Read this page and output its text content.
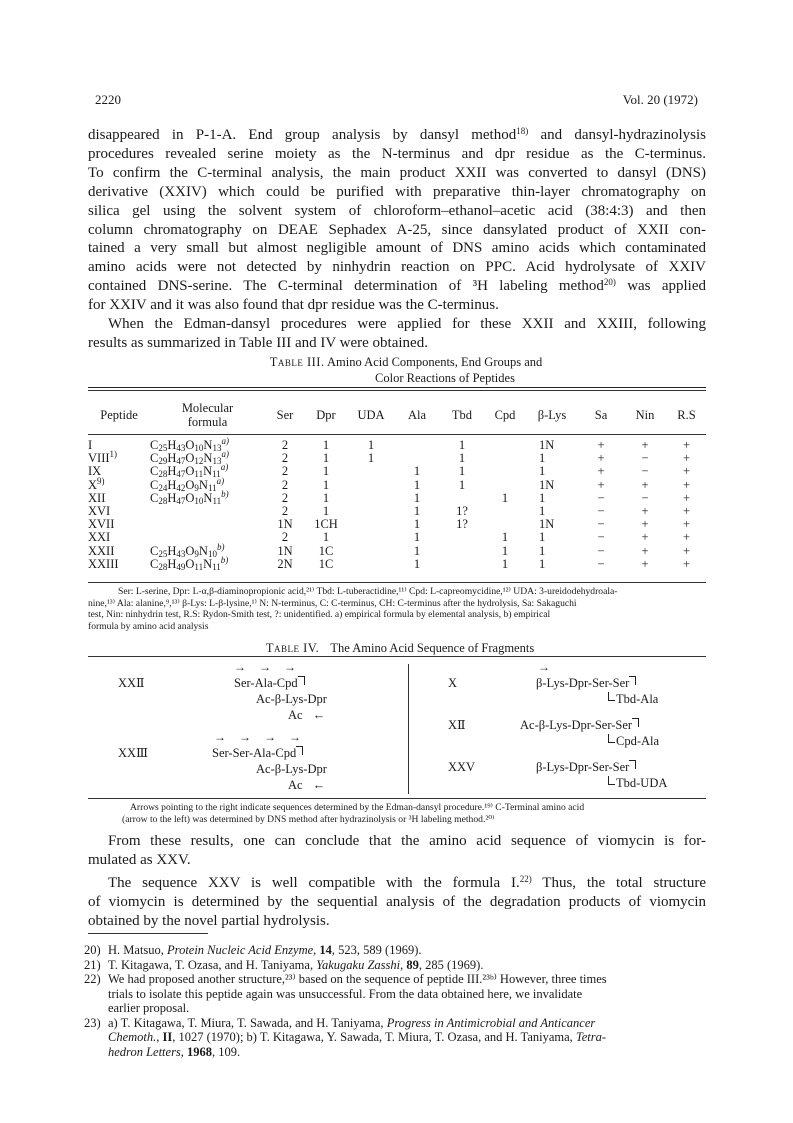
2220	Vol. 20 (1972)
disappeared in P-1-A. End group analysis by dansyl method$^{18)}$ and dansyl-hydrazinolysis
procedures revealed serine moiety as the N-terminus and dpr residue as the C-terminus.
To confirm the C-terminal analysis, the main product XXII was converted to dansyl (DNS)
derivative (XXIV) which could be purified with preparative thin-layer chromatography on
silica gel using the solvent system of chloroform–ethanol–acetic acid (38:4:3) and then
column chromatography on DEAE Sephadex A-25, since dansylated product of XXII con-
tained a very small but almost negligible amount of DNS amino acids which contaminated
amino acids were not detected by ninhydrin reaction on PPC. Acid hydrolysate of XXIV
contained DNS-serine. The C-terminal determination of ³H labeling method$^{20)}$ was applied
for XXIV and it was also found that dpr residue was the C-terminus.
When the Edman-dansyl procedures were applied for these XXII and XXIII, following
results as summarized in Table III and IV were obtained.
Table III. Amino Acid Components, End Groups and
Color Reactions of Peptides
Peptide	Molecular
formula	Ser	Dpr	UDA	Ala	Tbd	Cpd	β-Lys	Sa	Nin	R.S
I	$C_{25}H_{43}O_{10}N_{13}^{a)}$	2	1	1		1		1N	+	+	+
$VIII^{1)}$	$C_{29}H_{47}O_{12}N_{13}^{a)}$	2	1	1		1		1	+	−	+
IX	$C_{28}H_{47}O_{11}N_{11}^{a)}$	2	1		1	1		1	+	−	+
$X^{9)}$	$C_{24}H_{42}O_9N_{11}^{a)}$	2	1		1	1		1N	+	+	+
XII	$C_{28}H_{47}O_{10}N_{11}^{b)}$	2	1		1		1	1	−	−	+
XVI		2	1		1	1?		1	−	+	+
XVII		1N	1CH		1	1?		1N	−	+	+
XXI		2	1		1		1	1	−	+	+
XXII	$C_{25}H_{43}O_9N_{10}^{b)}$	1N	1C		1		1	1	−	+	+
XXIII	$C_{28}H_{49}O_{11}N_{11}^{b)}$	2N	1C		1		1	1	−	+	+
Ser: L-serine, Dpr: L-α,β-diaminopropionic acid,²¹⁾ Tbd: L-tuberactidine,¹¹⁾ Cpd: L-capreomycidine,¹²⁾ UDA: 3-ureidodehydroala-
nine,¹³⁾ Ala: alanine,⁹,¹³⁾ β-Lys: L-β-lysine,¹⁾ N: N-terminus, C: C-terminus, CH: C-terminus after the hydrolysis, Sa: Sakaguchi
test, Nin: ninhydrin test, R.S: Rydon-Smith test, ?: unidentified. a) empirical formula by elemental analysis, b) empirical
formula by amino acid analysis
Table IV. The Amino Acid Sequence of Fragments
→ → →
XXⅡ	Ser-Ala-Cpd
Ac-β-Lys-Dpr
Ac ←
→ → → →
XXⅢ	Ser-Ser-Ala-Cpd
Ac-β-Lys-Dpr
Ac ←
→
X	β-Lys-Dpr-Ser-Ser
Tbd-Ala
XⅡ	Ac-β-Lys-Dpr-Ser-Ser
Cpd-Ala
XXV	β-Lys-Dpr-Ser-Ser
Tbd-UDA
Arrows pointing to the right indicate sequences determined by the Edman-dansyl procedure.¹⁹⁾ C-Terminal amino acid
(arrow to the left) was determined by DNS method after hydrazinolysis or ³H labeling method.²⁰⁾
From these results, one can conclude that the amino acid sequence of viomycin is for-
mulated as XXV.
The sequence XXV is well compatible with the formula I.$^{22)}$ Thus, the total structure
of viomycin is determined by the sequential analysis of the degradation products of viomycin
obtained by the novel partial hydrolysis.
20) H. Matsuo, Protein Nucleic Acid Enzyme, 14, 523, 589 (1969).
21) T. Kitagawa, T. Ozasa, and H. Taniyama, Yakugaku Zasshi, 89, 285 (1969).
22) We had proposed another structure,²³⁾ based on the sequence of peptide III.²³ᵇ⁾ However, three times
trials to isolate this peptide again was unsuccessful. From the data obtained here, we invalidate
earlier proposal.
23) a) T. Kitagawa, T. Miura, T. Sawada, and H. Taniyama, Progress in Antimicrobial and Anticancer
Chemoth., II, 1027 (1970); b) T. Kitagawa, Y. Sawada, T. Miura, T. Ozasa, and H. Taniyama, Tetra-
hedron Letters, 1968, 109.
